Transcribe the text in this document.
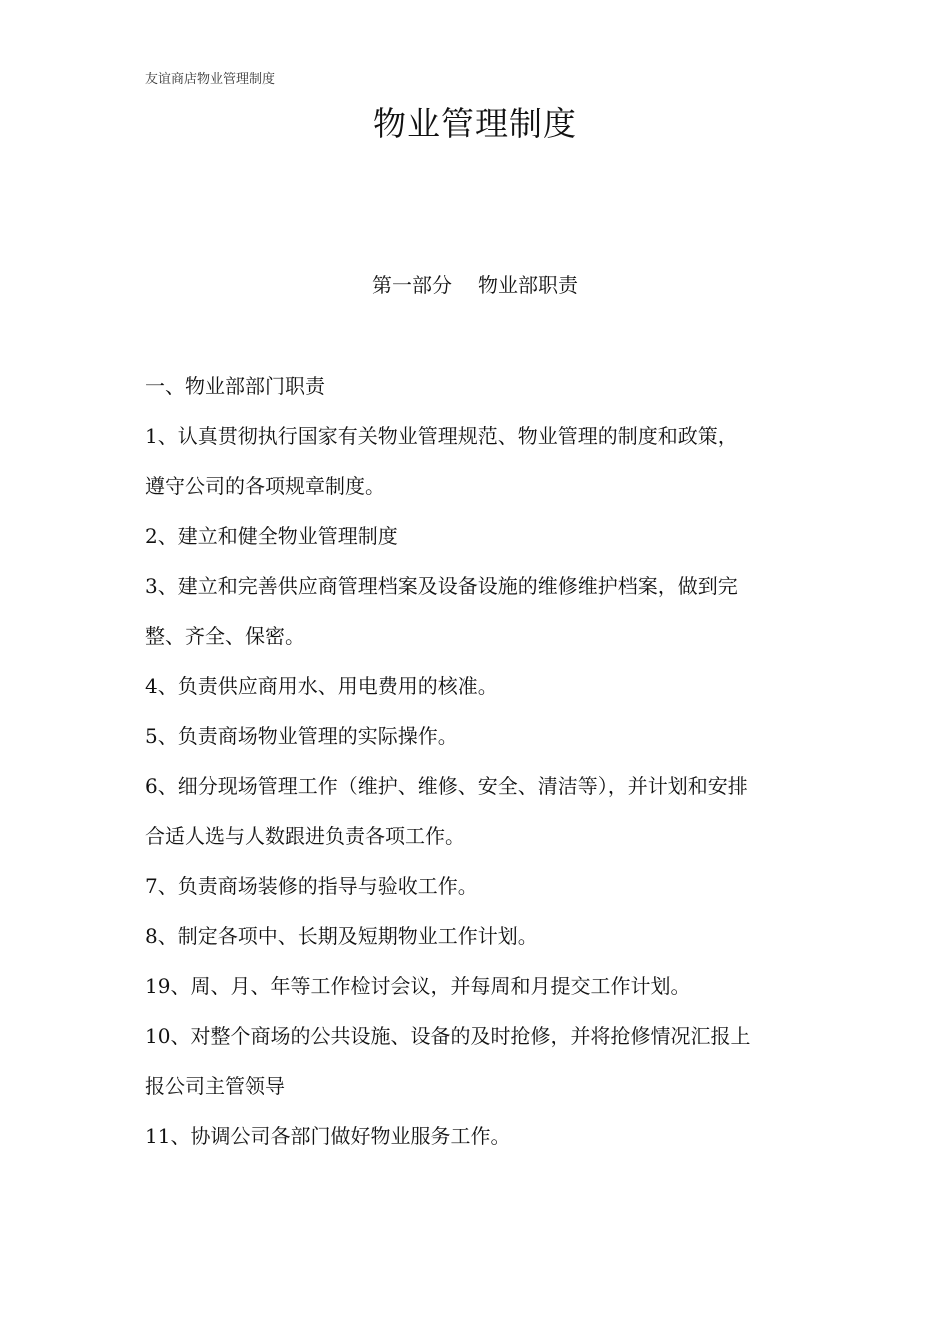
友谊商店物业管理制度
物业管理制度
第一部分 物业部职责
一、物业部部门职责
1、认真贯彻执行国家有关物业管理规范、物业管理的制度和政策，
遵守公司的各项规章制度。
2、建立和健全物业管理制度
3、建立和完善供应商管理档案及设备设施的维修维护档案，做到完
整、齐全、保密。
4、负责供应商用水、用电费用的核准。
5、负责商场物业管理的实际操作。
6、细分现场管理工作（维护、维修、安全、清洁等），并计划和安排
合适人选与人数跟进负责各项工作。
7、负责商场装修的指导与验收工作。
8、制定各项中、长期及短期物业工作计划。
19、周、月、年等工作检讨会议，并每周和月提交工作计划。
10、对整个商场的公共设施、设备的及时抢修，并将抢修情况汇报上
报公司主管领导
11、协调公司各部门做好物业服务工作。
